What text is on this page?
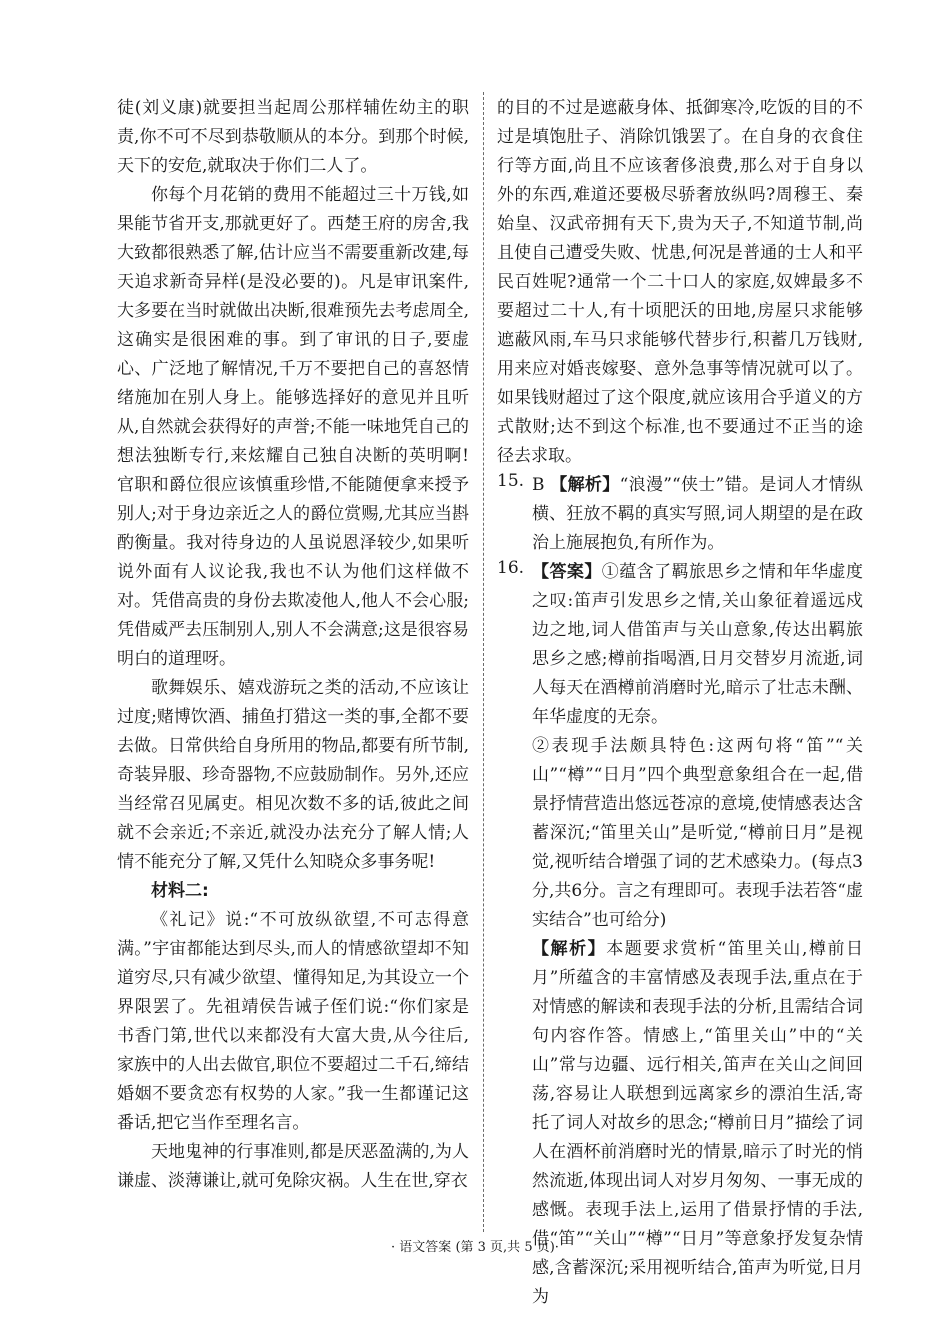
徒(刘义康)就要担当起周公那样辅佐幼主的职责,你不可不尽到恭敬顺从的本分。到那个时候,天下的安危,就取决于你们二人了。

你每个月花销的费用不能超过三十万钱,如果能节省开支,那就更好了。西楚王府的房舍,我大致都很熟悉了解,估计应当不需要重新改建,每天追求新奇异样(是没必要的)。凡是审讯案件,大多要在当时就做出决断,很难预先去考虑周全,这确实是很困难的事。到了审讯的日子,要虚心、广泛地了解情况,千万不要把自己的喜怒情绪施加在别人身上。能够选择好的意见并且听从,自然就会获得好的声誉;不能一味地凭自己的想法独断专行,来炫耀自己独自决断的英明啊!官职和爵位很应该慎重珍惜,不能随便拿来授予别人;对于身边亲近之人的爵位赏赐,尤其应当斟酌衡量。我对待身边的人虽说恩泽较少,如果听说外面有人议论我,我也不认为他们这样做不对。凭借高贵的身份去欺凌他人,他人不会心服;凭借威严去压制别人,别人不会满意;这是很容易明白的道理呀。

歌舞娱乐、嬉戏游玩之类的活动,不应该让过度;赌博饮酒、捕鱼打猎这一类的事,全都不要去做。日常供给自身所用的物品,都要有所节制,奇装异服、珍奇器物,不应鼓励制作。另外,还应当经常召见属吏。相见次数不多的话,彼此之间就不会亲近;不亲近,就没办法充分了解人情;人情不能充分了解,又凭什么知晓众多事务呢!

材料二:

《礼记》说:“不可放纵欲望,不可志得意满。”宇宙都能达到尽头,而人的情感欲望却不知道穷尽,只有减少欲望、懂得知足,为其设立一个界限罢了。先祖靖侯告诫子侄们说:“你们家是书香门第,世代以来都没有大富大贵,从今往后,家族中的人出去做官,职位不要超过二千石,缔结婚姻不要贪恋有权势的人家。”我一生都谨记这番话,把它当作至理名言。

天地鬼神的行事准则,都是厌恶盈满的,为人谦虚、淡薄谦让,就可免除灾祸。人生在世,穿衣

的目的不过是遮蔽身体、抵御寒冷,吃饭的目的不过是填饱肚子、消除饥饿罢了。在自身的衣食住行等方面,尚且不应该奢侈浪费,那么对于自身以外的东西,难道还要极尽骄奢放纵吗?周穆王、秦始皇、汉武帝拥有天下,贵为天子,不知道节制,尚且使自己遭受失败、忧患,何况是普通的士人和平民百姓呢?通常一个二十口人的家庭,奴婢最多不要超过二十人,有十顷肥沃的田地,房屋只求能够遮蔽风雨,车马只求能够代替步行,积蓄几万钱财,用来应对婚丧嫁娶、意外急事等情况就可以了。如果钱财超过了这个限度,就应该用合乎道义的方式散财;达不到这个标准,也不要通过不正当的途径去求取。

15. B 【解析】“浪漫”“侠士”错。是词人才情纵横、狂放不羁的真实写照,词人期望的是在政治上施展抱负,有所作为。

16. 【答案】①蕴含了羁旅思乡之情和年华虚度之叹:笛声引发思乡之情,关山象征着遥远戍边之地,词人借笛声与关山意象,传达出羁旅思乡之感;樽前指喝酒,日月交替岁月流逝,词人每天在酒樽前消磨时光,暗示了壮志未酬、年华虚度的无奈。

②表现手法颇具特色:这两句将“笛”“关山”“樽”“日月”四个典型意象组合在一起,借景抒情营造出悠远苍凉的意境,使情感表达含蓄深沉;“笛里关山”是听觉,“樽前日月”是视觉,视听结合增强了词的艺术感染力。(每点3分,共6分。言之有理即可。表现手法若答“虚实结合”也可给分)

【解析】本题要求赏析“笛里关山,樽前日月”所蕴含的丰富情感及表现手法,重点在于对情感的解读和表现手法的分析,且需结合词句内容作答。情感上,“笛里关山”中的“关山”常与边疆、远行相关,笛声在关山之间回荡,容易让人联想到远离家乡的漂泊生活,寄托了词人对故乡的思念;“樽前日月”描绘了词人在酒杯前消磨时光的情景,暗示了时光的悄然流逝,体现出词人对岁月匆匆、一事无成的感慨。表现手法上,运用了借景抒情的手法,借“笛”“关山”“樽”“日月”等意象抒发复杂情感,含蓄深沉;采用视听结合,笛声为听觉,日月为

· 语文答案 (第 3 页,共 5 页)·
